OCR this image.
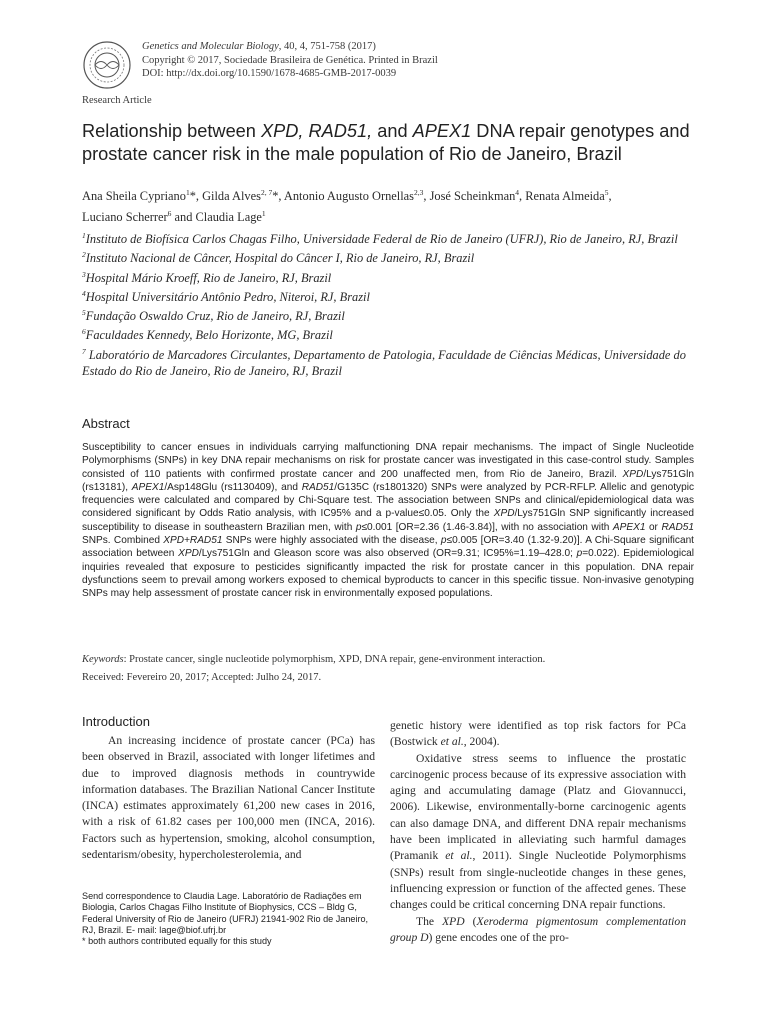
Genetics and Molecular Biology, 40, 4, 751-758 (2017)
Copyright © 2017, Sociedade Brasileira de Genética. Printed in Brazil
DOI: http://dx.doi.org/10.1590/1678-4685-GMB-2017-0039
Research Article
Relationship between XPD, RAD51, and APEX1 DNA repair genotypes and prostate cancer risk in the male population of Rio de Janeiro, Brazil
Ana Sheila Cypriano$^1$*, Gilda Alves$^{2, 7}$*, Antonio Augusto Ornellas$^{2,3}$, José Scheinkman$^4$, Renata Almeida$^5$,
Luciano Scherrer$^6$ and Claudia Lage$^1$
$^1$Instituto de Biofísica Carlos Chagas Filho, Universidade Federal de Rio de Janeiro (UFRJ), Rio de Janeiro, RJ, Brazil
$^2$Instituto Nacional de Câncer, Hospital do Câncer I, Rio de Janeiro, RJ, Brazil
$^3$Hospital Mário Kroeff, Rio de Janeiro, RJ, Brazil
$^4$Hospital Universitário Antônio Pedro, Niteroi, RJ, Brazil
$^5$Fundação Oswaldo Cruz, Rio de Janeiro, RJ, Brazil
$^6$Faculdades Kennedy, Belo Horizonte, MG, Brazil
$^7$ Laboratório de Marcadores Circulantes, Departamento de Patologia, Faculdade de Ciências Médicas, Universidade do Estado do Rio de Janeiro, Rio de Janeiro, RJ, Brazil
Abstract
Susceptibility to cancer ensues in individuals carrying malfunctioning DNA repair mechanisms. The impact of Single Nucleotide Polymorphisms (SNPs) in key DNA repair mechanisms on risk for prostate cancer was investigated in this case-control study. Samples consisted of 110 patients with confirmed prostate cancer and 200 unaffected men, from Rio de Janeiro, Brazil. XPD/Lys751Gln (rs13181), APEX1/Asp148Glu (rs1130409), and RAD51/G135C (rs1801320) SNPs were analyzed by PCR-RFLP. Allelic and genotypic frequencies were calculated and compared by Chi-Square test. The association between SNPs and clinical/epidemiological data was considered significant by Odds Ratio analysis, with IC95% and a p-value≤0.05. Only the XPD/Lys751Gln SNP significantly increased susceptibility to disease in southeastern Brazilian men, with p≤0.001 [OR=2.36 (1.46-3.84)], with no association with APEX1 or RAD51 SNPs. Combined XPD+RAD51 SNPs were highly associated with the disease, p≤0.005 [OR=3.40 (1.32-9.20)]. A Chi-Square significant association between XPD/Lys751Gln and Gleason score was also observed (OR=9.31; IC95%=1.19–428.0; p=0.022). Epidemiological inquiries revealed that exposure to pesticides significantly impacted the risk for prostate cancer in this population. DNA repair dysfunctions seem to prevail among workers exposed to chemical byproducts to cancer in this specific tissue. Non-invasive genotyping SNPs may help assessment of prostate cancer risk in environmentally exposed populations.
Keywords: Prostate cancer, single nucleotide polymorphism, XPD, DNA repair, gene-environment interaction.
Received: Fevereiro 20, 2017; Accepted: Julho 24, 2017.
Introduction

An increasing incidence of prostate cancer (PCa) has been observed in Brazil, associated with longer lifetimes and due to improved diagnosis methods in countrywide information databases. The Brazilian National Cancer Institute (INCA) estimates approximately 61,200 new cases in 2016, with a risk of 61.82 cases per 100,000 men (INCA, 2016). Factors such as hypertension, smoking, alcohol consumption, sedentarism/obesity, hypercholesterolemia, and

genetic history were identified as top risk factors for PCa (Bostwick et al., 2004).

Oxidative stress seems to influence the prostatic carcinogenic process because of its expressive association with aging and accumulating damage (Platz and Giovannucci, 2006). Likewise, environmentally-borne carcinogenic agents can also damage DNA, and different DNA repair mechanisms have been implicated in alleviating such harmful damages (Pramanik et al., 2011). Single Nucleotide Polymorphisms (SNPs) result from single-nucleotide changes in these genes, influencing expression or function of the affected genes. These changes could be critical concerning DNA repair functions.

The XPD (Xeroderma pigmentosum complementation group D) gene encodes one of the pro-

Send correspondence to Claudia Lage. Laboratório de Radiações em Biologia, Carlos Chagas Filho Institute of Biophysics, CCS – Bldg G, Federal University of Rio de Janeiro (UFRJ) 21941-902 Rio de Janeiro, RJ, Brazil. E- mail: lage@biof.ufrj.br
* both authors contributed equally for this study
